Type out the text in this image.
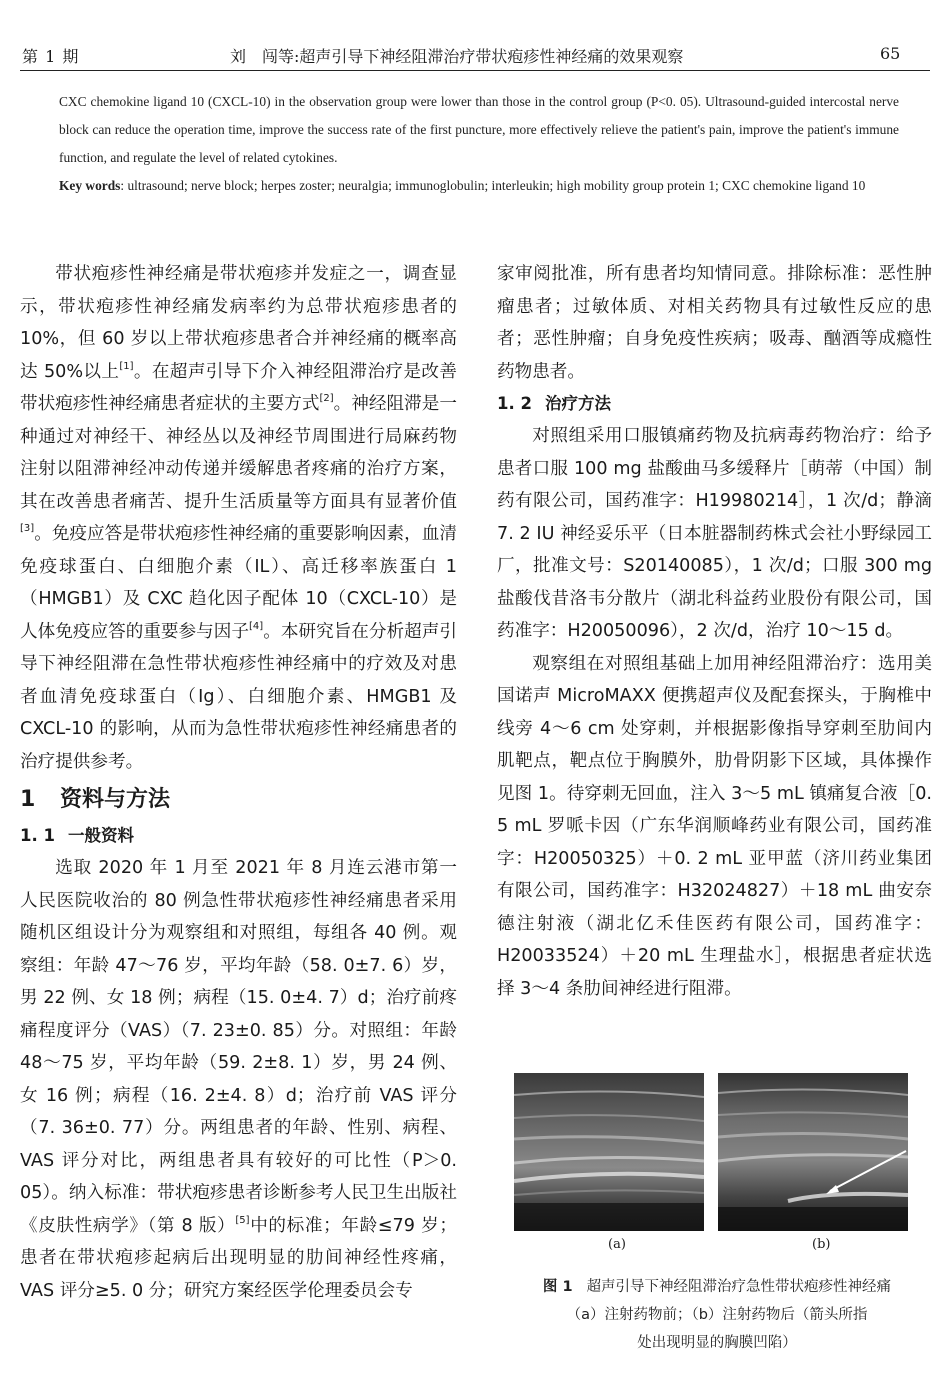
第 1 期	刘　闯等:超声引导下神经阻滞治疗带状疱疹性神经痛的效果观察	65

CXC chemokine ligand 10 (CXCL-10) in the observation group were lower than those in the control group (P<0. 05). Ultrasound-guided intercostal nerve block can reduce the operation time, improve the success rate of the first puncture, more effectively relieve the patient's pain, improve the patient's immune function, and regulate the level of related cytokines.

Key words: ultrasound; nerve block; herpes zoster; neuralgia; immunoglobulin; interleukin; high mobility group protein 1; CXC chemokine ligand 10

带状疱疹性神经痛是带状疱疹并发症之一，调查显示，带状疱疹性神经痛发病率约为总带状疱疹患者的 10%，但 60 岁以上带状疱疹患者合并神经痛的概率高达 50%以上[1]。在超声引导下介入神经阻滞治疗是改善带状疱疹性神经痛患者症状的主要方式[2]。神经阻滞是一种通过对神经干、神经丛以及神经节周围进行局麻药物注射以阻滞神经冲动传递并缓解患者疼痛的治疗方案，其在改善患者痛苦、提升生活质量等方面具有显著价值[3]。免疫应答是带状疱疹性神经痛的重要影响因素，血清免疫球蛋白、白细胞介素（IL）、高迁移率族蛋白 1（HMGB1）及 CXC 趋化因子配体 10（CXCL-10）是人体免疫应答的重要参与因子[4]。本研究旨在分析超声引导下神经阻滞在急性带状疱疹性神经痛中的疗效及对患者血清免疫球蛋白（Ig）、白细胞介素、HMGB1 及 CXCL-10 的影响，从而为急性带状疱疹性神经痛患者的治疗提供参考。

1 资料与方法
1. 1 一般资料

选取 2020 年 1 月至 2021 年 8 月连云港市第一人民医院收治的 80 例急性带状疱疹性神经痛患者采用随机区组设计分为观察组和对照组，每组各 40 例。观察组：年龄 47～76 岁，平均年龄（58. 0±7. 6）岁，男 22 例、女 18 例；病程（15. 0±4. 7）d；治疗前疼痛程度评分（VAS）（7. 23±0. 85）分。对照组：年龄 48～75 岁，平均年龄（59. 2±8. 1）岁，男 24 例、女 16 例；病程（16. 2±4. 8）d；治疗前 VAS 评分（7. 36±0. 77）分。两组患者的年龄、性别、病程、VAS 评分对比，两组患者具有较好的可比性（P＞0. 05）。纳入标准：带状疱疹患者诊断参考人民卫生出版社《皮肤性病学》（第 8 版）[5]中的标准；年龄≤79 岁；患者在带状疱疹起病后出现明显的肋间神经性疼痛，VAS 评分≥5. 0 分；研究方案经医学伦理委员会专

家审阅批准，所有患者均知情同意。排除标准：恶性肿瘤患者；过敏体质、对相关药物具有过敏性反应的患者；恶性肿瘤；自身免疫性疾病；吸毒、酗酒等成瘾性药物患者。

1. 2 治疗方法

对照组采用口服镇痛药物及抗病毒药物治疗：给予患者口服 100 mg 盐酸曲马多缓释片［萌蒂（中国）制药有限公司，国药准字：H19980214］，1 次/d；静滴 7. 2 IU 神经妥乐平（日本脏器制药株式会社小野绿园工厂，批准文号：S20140085），1 次/d；口服 300 mg 盐酸伐昔洛韦分散片（湖北科益药业股份有限公司，国药准字：H20050096），2 次/d，治疗 10～15 d。

观察组在对照组基础上加用神经阻滞治疗：选用美国诺声 MicroMAXX 便携超声仪及配套探头，于胸椎中线旁 4～6 cm 处穿刺，并根据影像指导穿刺至肋间内肌靶点，靶点位于胸膜外，肋骨阴影下区域，具体操作见图 1。待穿刺无回血，注入 3～5 mL 镇痛复合液［0. 5 mL 罗哌卡因（广东华润顺峰药业有限公司，国药准字：H20050325）＋0. 2 mL 亚甲蓝（济川药业集团有限公司，国药准字：H32024827）＋18 mL 曲安奈德注射液（湖北亿禾佳医药有限公司，国药准字：H20033524）＋20 mL 生理盐水］，根据患者症状选择 3～4 条肋间神经进行阻滞。

(a)	(b)
图 1 超声引导下神经阻滞治疗急性带状疱疹性神经痛
（a）注射药物前；（b）注射药物后（箭头所指
处出现明显的胸膜凹陷）
